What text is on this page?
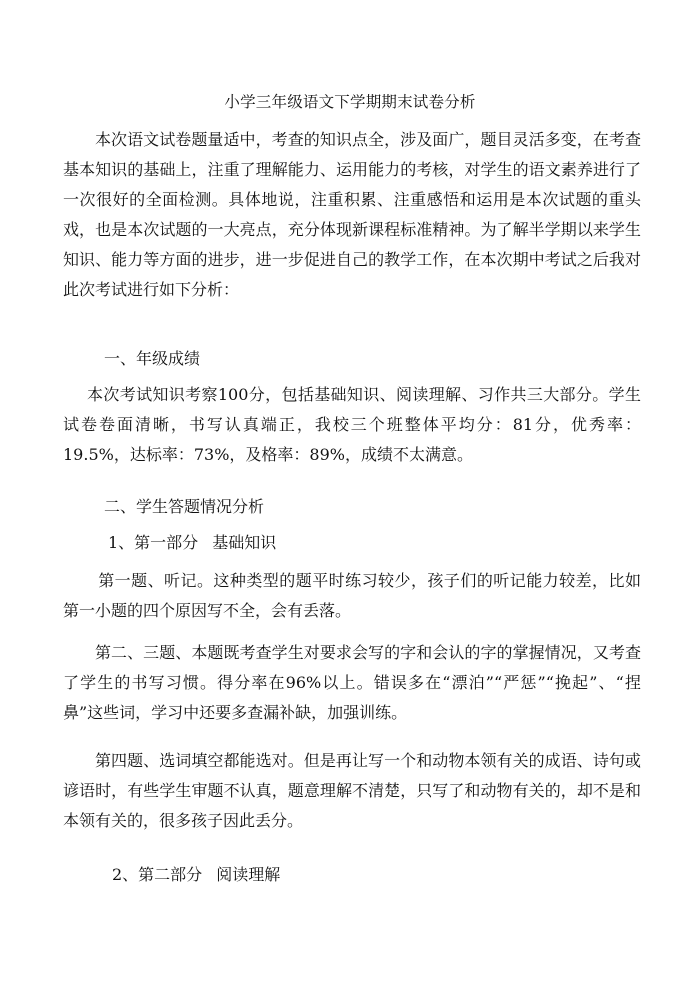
小学三年级语文下学期期末试卷分析
本次语文试卷题量适中，考查的知识点全，涉及面广，题目灵活多变，在考查基本知识的基础上，注重了理解能力、运用能力的考核，对学生的语文素养进行了一次很好的全面检测。具体地说，注重积累、注重感悟和运用是本次试题的重头戏，也是本次试题的一大亮点，充分体现新课程标准精神。为了解半学期以来学生知识、能力等方面的进步，进一步促进自己的教学工作，在本次期中考试之后我对此次考试进行如下分析：
一、年级成绩
本次考试知识考察100分，包括基础知识、阅读理解、习作共三大部分。学生试卷卷面清晰，书写认真端正，我校三个班整体平均分：81分，优秀率：19.5%，达标率：73%，及格率：89%，成绩不太满意。
二、学生答题情况分析
1、第一部分 基础知识
第一题、听记。这种类型的题平时练习较少，孩子们的听记能力较差，比如第一小题的四个原因写不全，会有丢落。
第二、三题、本题既考查学生对要求会写的字和会认的字的掌握情况，又考查了学生的书写习惯。得分率在96%以上。错误多在“漂泊”“严惩”“挽起”、“捏鼻”这些词，学习中还要多查漏补缺，加强训练。
第四题、选词填空都能选对。但是再让写一个和动物本领有关的成语、诗句或谚语时，有些学生审题不认真，题意理解不清楚，只写了和动物有关的，却不是和本领有关的，很多孩子因此丢分。
2、第二部分 阅读理解
